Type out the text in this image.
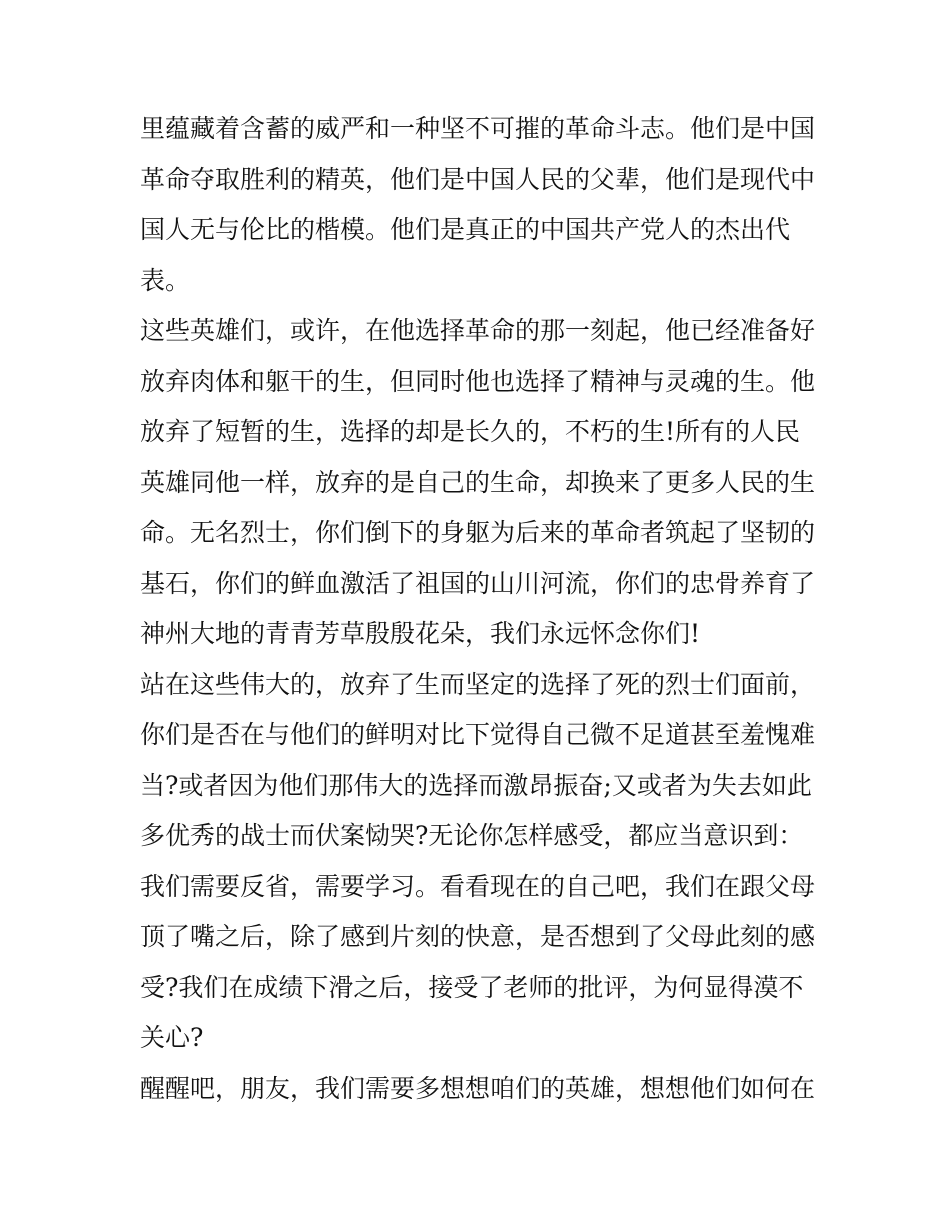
里蕴藏着含蓄的威严和一种坚不可摧的革命斗志。他们是中国
革命夺取胜利的精英，他们是中国人民的父辈，他们是现代中
国人无与伦比的楷模。他们是真正的中国共产党人的杰出代
表。
这些英雄们，或许，在他选择革命的那一刻起，他已经准备好
放弃肉体和躯干的生，但同时他也选择了精神与灵魂的生。他
放弃了短暂的生，选择的却是长久的，不朽的生!所有的人民
英雄同他一样，放弃的是自己的生命，却换来了更多人民的生
命。无名烈士，你们倒下的身躯为后来的革命者筑起了坚韧的
基石，你们的鲜血激活了祖国的山川河流，你们的忠骨养育了
神州大地的青青芳草殷殷花朵，我们永远怀念你们!
站在这些伟大的，放弃了生而坚定的选择了死的烈士们面前，
你们是否在与他们的鲜明对比下觉得自己微不足道甚至羞愧难
当?或者因为他们那伟大的选择而激昂振奋;又或者为失去如此
多优秀的战士而伏案恸哭?无论你怎样感受，都应当意识到：
我们需要反省，需要学习。看看现在的自己吧，我们在跟父母
顶了嘴之后，除了感到片刻的快意，是否想到了父母此刻的感
受?我们在成绩下滑之后，接受了老师的批评，为何显得漠不
关心?
醒醒吧，朋友，我们需要多想想咱们的英雄，想想他们如何在
